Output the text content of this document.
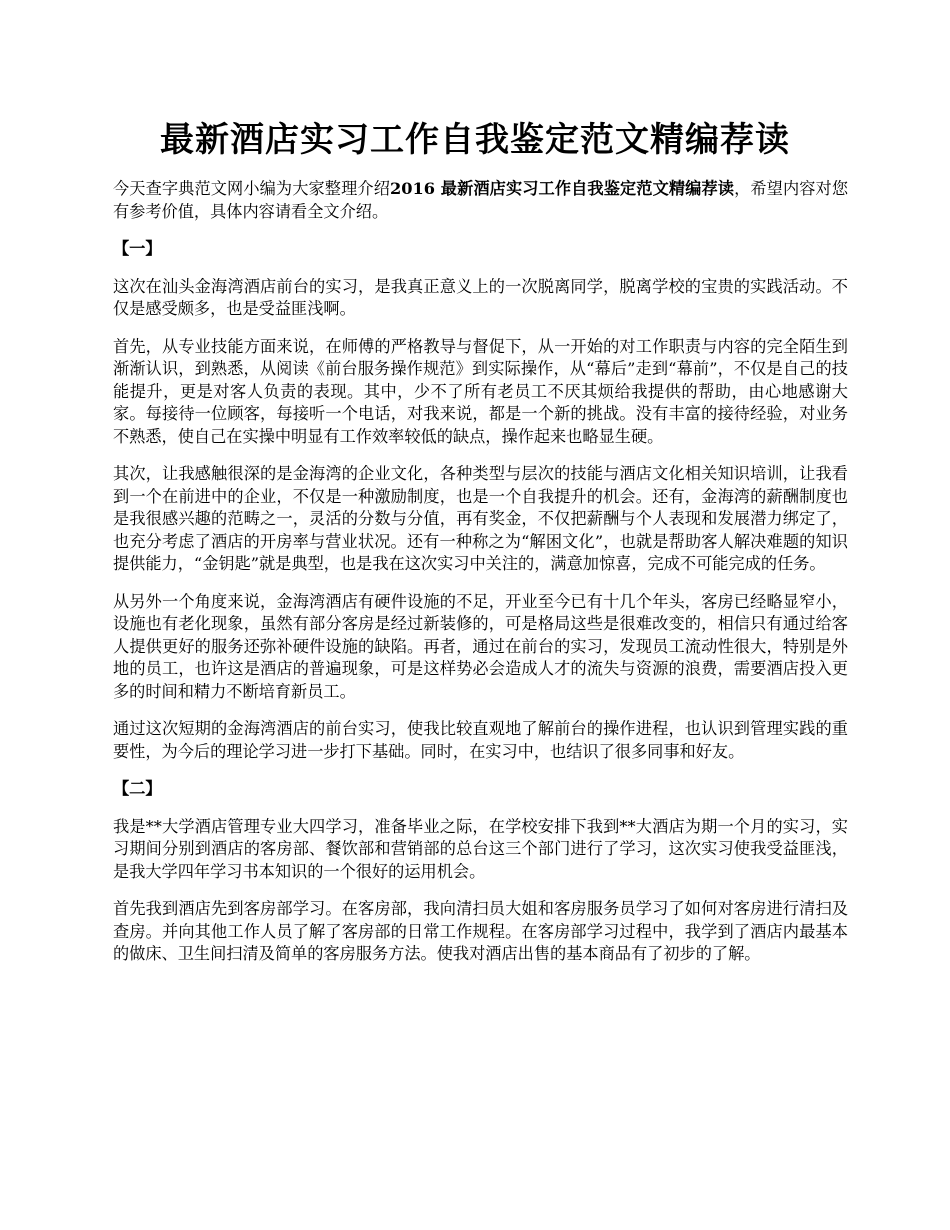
最新酒店实习工作自我鉴定范文精编荐读

今天查字典范文网小编为大家整理介绍2016 最新酒店实习工作自我鉴定范文精编荐读，希望内容对您有参考价值，具体内容请看全文介绍。

【一】

这次在汕头金海湾酒店前台的实习，是我真正意义上的一次脱离同学，脱离学校的宝贵的实践活动。不仅是感受颇多，也是受益匪浅啊。

首先，从专业技能方面来说，在师傅的严格教导与督促下，从一开始的对工作职责与内容的完全陌生到渐渐认识，到熟悉，从阅读《前台服务操作规范》到实际操作，从“幕后”走到“幕前”，不仅是自己的技能提升，更是对客人负责的表现。其中，少不了所有老员工不厌其烦给我提供的帮助，由心地感谢大家。每接待一位顾客，每接听一个电话，对我来说，都是一个新的挑战。没有丰富的接待经验，对业务不熟悉，使自己在实操中明显有工作效率较低的缺点，操作起来也略显生硬。

其次，让我感触很深的是金海湾的企业文化，各种类型与层次的技能与酒店文化相关知识培训，让我看到一个在前进中的企业，不仅是一种激励制度，也是一个自我提升的机会。还有，金海湾的薪酬制度也是我很感兴趣的范畴之一，灵活的分数与分值，再有奖金，不仅把薪酬与个人表现和发展潜力绑定了，也充分考虑了酒店的开房率与营业状况。还有一种称之为“解困文化”，也就是帮助客人解决难题的知识提供能力，“金钥匙”就是典型，也是我在这次实习中关注的，满意加惊喜，完成不可能完成的任务。

从另外一个角度来说，金海湾酒店有硬件设施的不足，开业至今已有十几个年头，客房已经略显窄小，设施也有老化现象，虽然有部分客房是经过新装修的，可是格局这些是很难改变的，相信只有通过给客人提供更好的服务还弥补硬件设施的缺陷。再者，通过在前台的实习，发现员工流动性很大，特别是外地的员工，也许这是酒店的普遍现象，可是这样势必会造成人才的流失与资源的浪费，需要酒店投入更多的时间和精力不断培育新员工。

通过这次短期的金海湾酒店的前台实习，使我比较直观地了解前台的操作进程，也认识到管理实践的重要性，为今后的理论学习进一步打下基础。同时，在实习中，也结识了很多同事和好友。

【二】

我是**大学酒店管理专业大四学习，准备毕业之际，在学校安排下我到**大酒店为期一个月的实习，实习期间分别到酒店的客房部、餐饮部和营销部的总台这三个部门进行了学习，这次实习使我受益匪浅，是我大学四年学习书本知识的一个很好的运用机会。

首先我到酒店先到客房部学习。在客房部，我向清扫员大姐和客房服务员学习了如何对客房进行清扫及查房。并向其他工作人员了解了客房部的日常工作规程。在客房部学习过程中，我学到了酒店内最基本的做床、卫生间扫清及简单的客房服务方法。使我对酒店出售的基本商品有了初步的了解。
